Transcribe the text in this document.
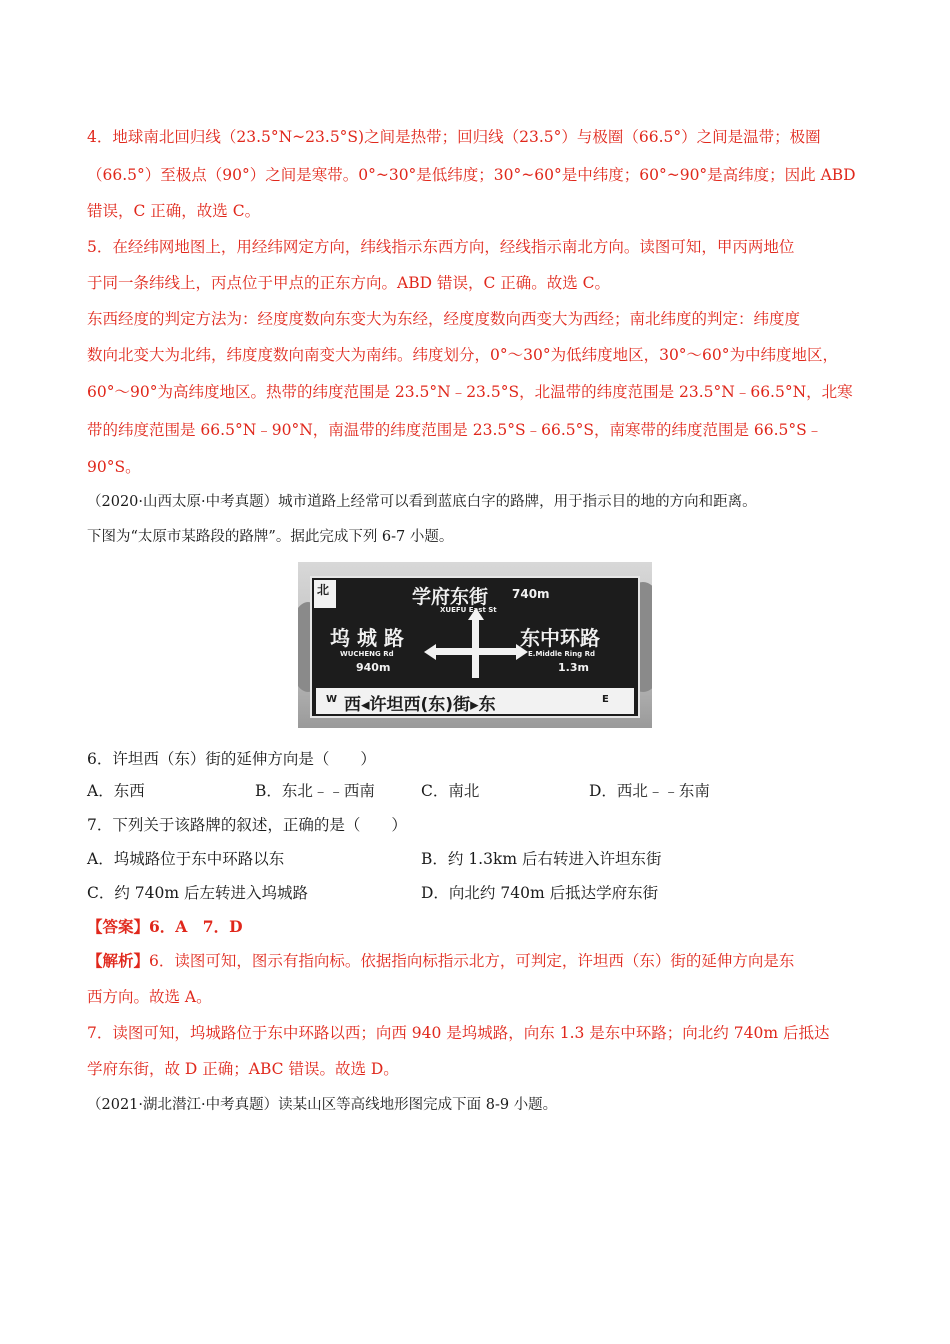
4．地球南北回归线（23.5°N~23.5°S)之间是热带；回归线（23.5°）与极圈（66.5°）之间是温带；极圈
（66.5°）至极点（90°）之间是寒带。0°~30°是低纬度；30°~60°是中纬度；60°~90°是高纬度；因此 ABD
错误，C 正确，故选 C。
5．在经纬网地图上，用经纬网定方向，纬线指示东西方向，经线指示南北方向。读图可知，甲丙两地位
于同一条纬线上，丙点位于甲点的正东方向。ABD 错误，C 正确。故选 C。
东西经度的判定方法为：经度度数向东变大为东经，经度度数向西变大为西经；南北纬度的判定：纬度度
数向北变大为北纬，纬度度数向南变大为南纬。纬度划分，0°～30°为低纬度地区，30°～60°为中纬度地区，
60°～90°为高纬度地区。热带的纬度范围是 23.5°N﹣23.5°S，北温带的纬度范围是 23.5°N﹣66.5°N，北寒
带的纬度范围是 66.5°N﹣90°N，南温带的纬度范围是 23.5°S﹣66.5°S，南寒带的纬度范围是 66.5°S﹣
90°S。
（2020·山西太原·中考真题）城市道路上经常可以看到蓝底白字的路牌，用于指示目的地的方向和距离。
下图为“太原市某路段的路牌”。据此完成下列 6-7 小题。
北	学府东街 740m
XUEFU East St
坞 城 路
WUCHENG Rd
940m
东中环路
E.Middle Ring Rd
1.3m
W 西◂许坦西(东)街▸东	E
6．许坦西（东）街的延伸方向是（　　）
A．东西	B．东北﹣﹣西南	C．南北	D．西北﹣﹣东南
7．下列关于该路牌的叙述，正确的是（　　）
A．坞城路位于东中环路以东	B．约 1.3km 后右转进入许坦东街
C．约 740m 后左转进入坞城路	D．向北约 740m 后抵达学府东街
【答案】6．A　7．D
【解析】6．读图可知，图示有指向标。依据指向标指示北方，可判定，许坦西（东）街的延伸方向是东
西方向。故选 A。
7．读图可知，坞城路位于东中环路以西；向西 940 是坞城路，向东 1.3 是东中环路；向北约 740m 后抵达
学府东街，故 D 正确；ABC 错误。故选 D。
（2021·湖北潜江·中考真题）读某山区等高线地形图完成下面 8-9 小题。
